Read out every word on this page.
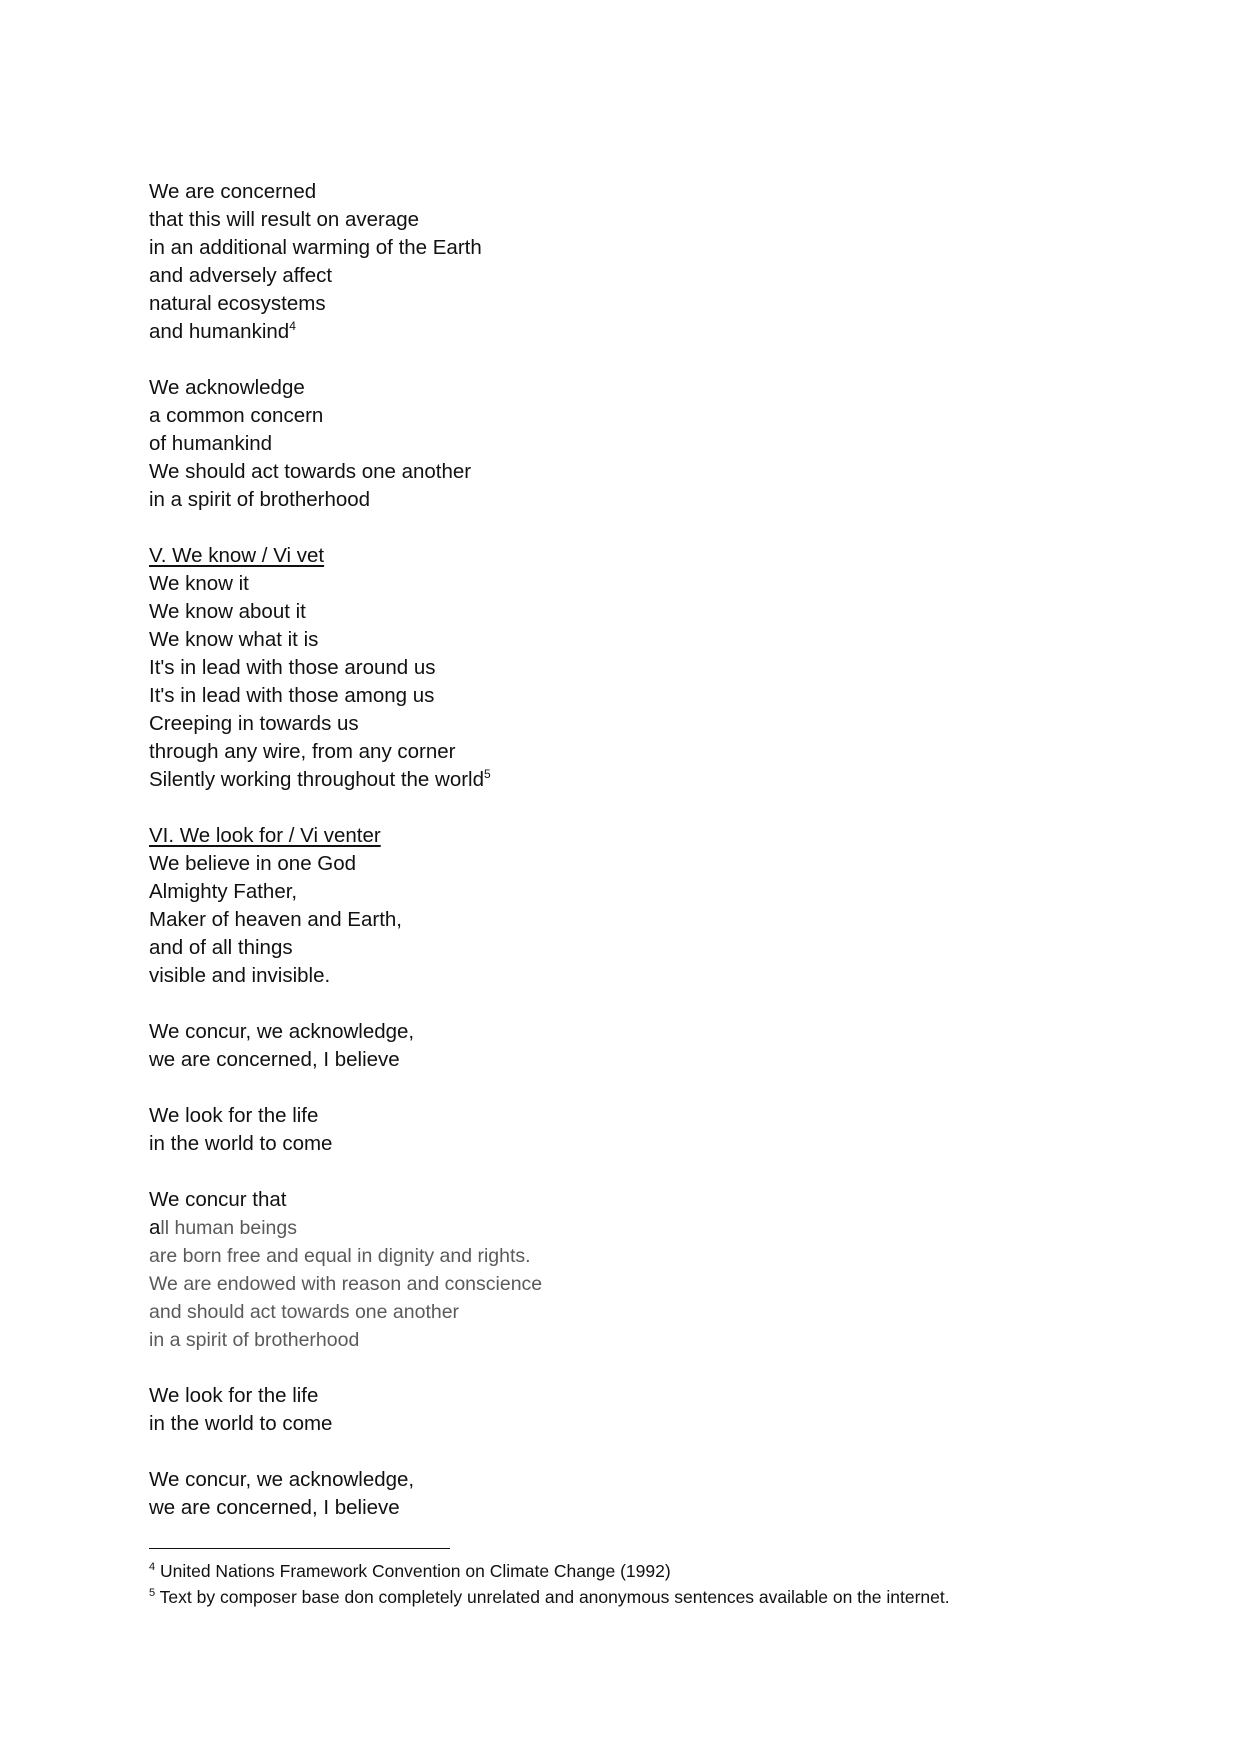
We are concerned
that this will result on average
in an additional warming of the Earth
and adversely affect
natural ecosystems
and humankind$^4$
We acknowledge
a common concern
of humankind
We should act towards one another
in a spirit of brotherhood
V. We know / Vi vet
We know it
We know about it
We know what it is
It's in lead with those around us
It's in lead with those among us
Creeping in towards us
through any wire, from any corner
Silently working throughout the world$^5$
VI. We look for / Vi venter
We believe in one God
Almighty Father,
Maker of heaven and Earth,
and of all things
visible and invisible.
We concur, we acknowledge,
we are concerned, I believe
We look for the life
in the world to come
We concur that
all human beings
are born free and equal in dignity and rights.
We are endowed with reason and conscience
and should act towards one another
in a spirit of brotherhood
We look for the life
in the world to come
We concur, we acknowledge,
we are concerned, I believe
$^4$ United Nations Framework Convention on Climate Change (1992)
$^5$ Text by composer base don completely unrelated and anonymous sentences available on the internet.
